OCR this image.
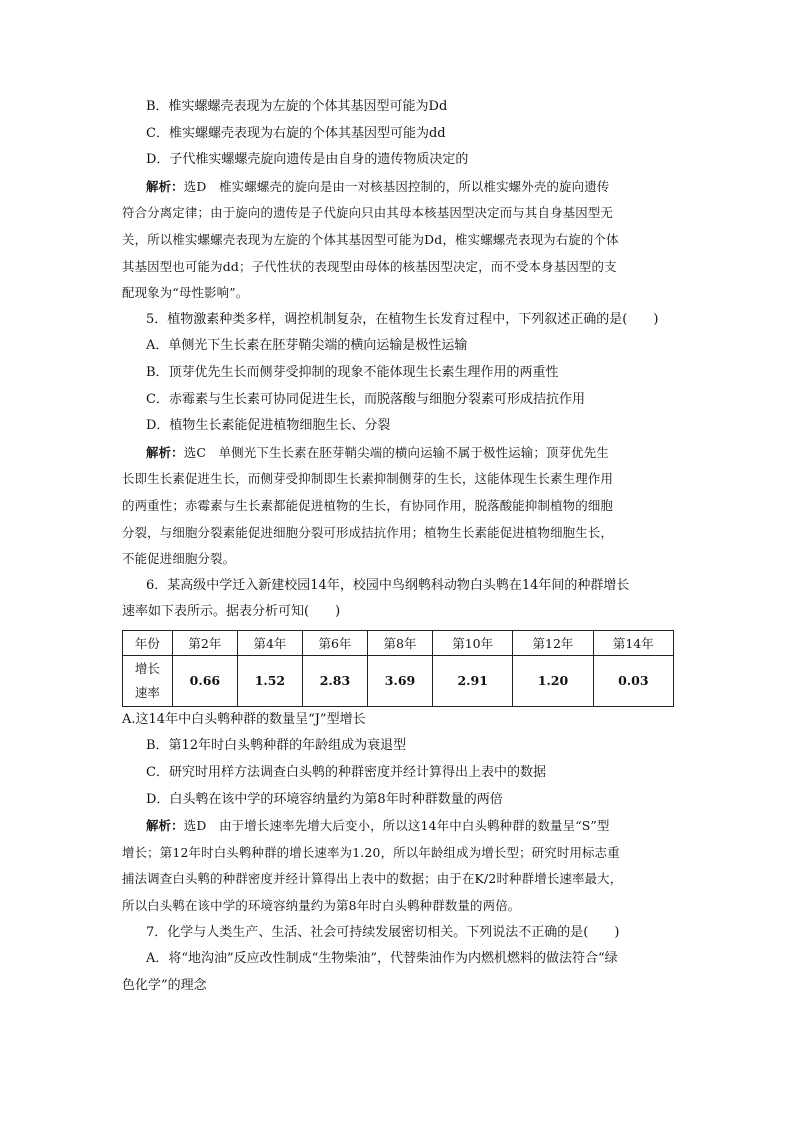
B．椎实螺螺壳表现为左旋的个体其基因型可能为Dd
C．椎实螺螺壳表现为右旋的个体其基因型可能为dd
D．子代椎实螺螺壳旋向遗传是由自身的遗传物质决定的
解析：选D　椎实螺螺壳的旋向是由一对核基因控制的，所以椎实螺外壳的旋向遗传
符合分离定律；由于旋向的遗传是子代旋向只由其母本核基因型决定而与其自身基因型无
关，所以椎实螺螺壳表现为左旋的个体其基因型可能为Dd，椎实螺螺壳表现为右旋的个体
其基因型也可能为dd；子代性状的表现型由母体的核基因型决定，而不受本身基因型的支
配现象为“母性影响”。
5．植物激素种类多样，调控机制复杂，在植物生长发育过程中，下列叙述正确的是(　　)
A．单侧光下生长素在胚芽鞘尖端的横向运输是极性运输
B．顶芽优先生长而侧芽受抑制的现象不能体现生长素生理作用的两重性
C．赤霉素与生长素可协同促进生长，而脱落酸与细胞分裂素可形成拮抗作用
D．植物生长素能促进植物细胞生长、分裂
解析：选C　单侧光下生长素在胚芽鞘尖端的横向运输不属于极性运输；顶芽优先生
长即生长素促进生长，而侧芽受抑制即生长素抑制侧芽的生长，这能体现生长素生理作用
的两重性；赤霉素与生长素都能促进植物的生长，有协同作用，脱落酸能抑制植物的细胞
分裂，与细胞分裂素能促进细胞分裂可形成拮抗作用；植物生长素能促进植物细胞生长，
不能促进细胞分裂。
6．某高级中学迁入新建校园14年，校园中鸟纲鹎科动物白头鹎在14年间的种群增长
速率如下表所示。据表分析可知(　　)
年份	第2年	第4年	第6年	第8年	第10年	第12年	第14年
增长
速率	0.66	1.52	2.83	3.69	2.91	1.20	0.03
A.这14年中白头鹎种群的数量呈“J”型增长
B．第12年时白头鹎种群的年龄组成为衰退型
C．研究时用样方法调查白头鹎的种群密度并经计算得出上表中的数据
D．白头鹎在该中学的环境容纳量约为第8年时种群数量的两倍
解析：选D　由于增长速率先增大后变小，所以这14年中白头鹎种群的数量呈“S”型
增长；第12年时白头鹎种群的增长速率为1.20，所以年龄组成为增长型；研究时用标志重
捕法调查白头鹎的种群密度并经计算得出上表中的数据；由于在K/2时种群增长速率最大，
所以白头鹎在该中学的环境容纳量约为第8年时白头鹎种群数量的两倍。
7．化学与人类生产、生活、社会可持续发展密切相关。下列说法不正确的是(　　)
A．将“地沟油”反应改性制成“生物柴油”，代替柴油作为内燃机燃料的做法符合“绿
色化学”的理念
